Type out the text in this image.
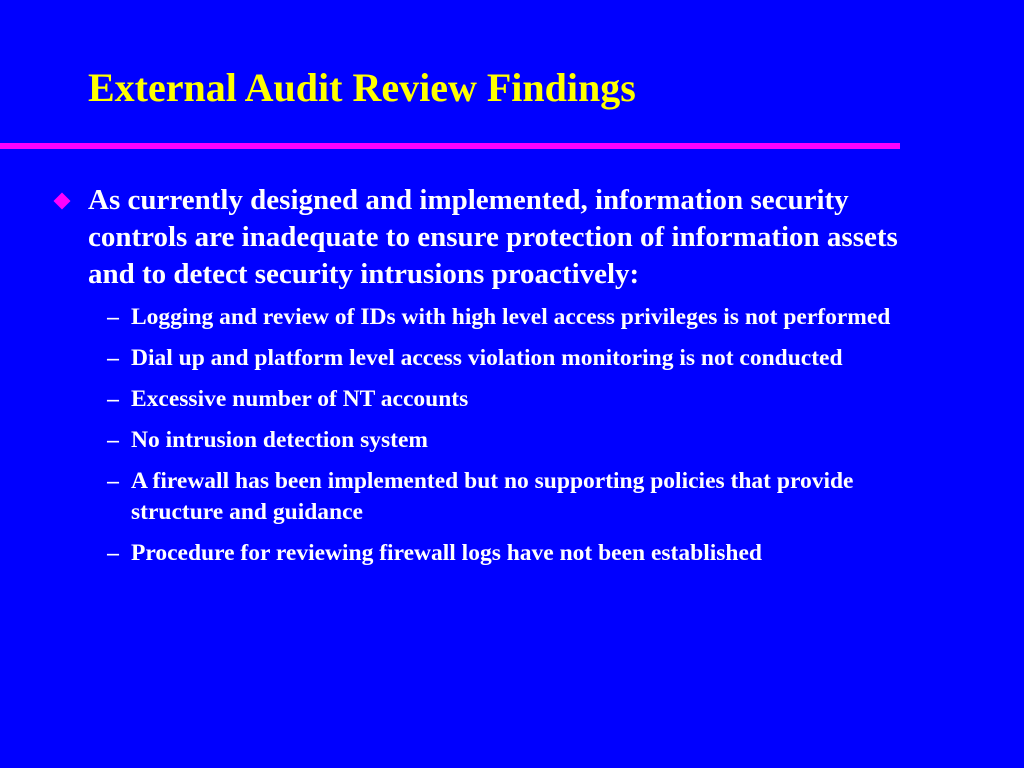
External Audit Review Findings
As currently designed and implemented, information security controls are inadequate to ensure protection of information assets and to detect security intrusions proactively:
– Logging and review of IDs with high level access privileges is not performed
– Dial up and platform level access violation monitoring is not conducted
– Excessive number of NT accounts
– No intrusion detection system
– A firewall has been implemented but no supporting policies that provide structure and guidance
– Procedure for reviewing firewall logs have not been established
